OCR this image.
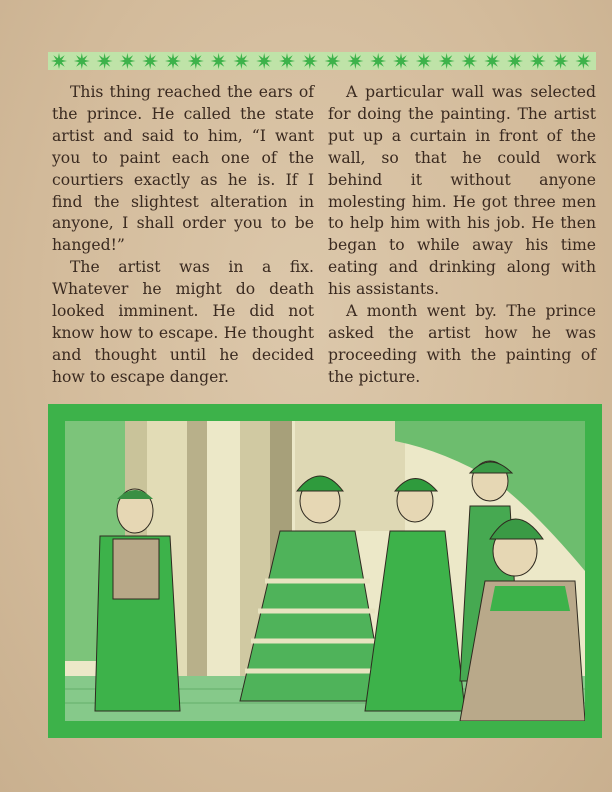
This thing reached the ears of the prince. He called the state artist and said to him, “I want you to paint each one of the courtiers exactly as he is. If I find the slightest alteration in anyone, I shall order you to be hanged!”

The artist was in a fix. Whatever he might do death looked imminent. He did not know how to escape. He thought and thought until he decided how to escape danger.

A particular wall was selected for doing the painting. The artist put up a curtain in front of the wall, so that he could work behind it without anyone molesting him. He got three men to help him with his job. He then began to while away his time eating and drinking along with his assistants.

A month went by. The prince asked the artist how he was proceeding with the painting of the picture.
